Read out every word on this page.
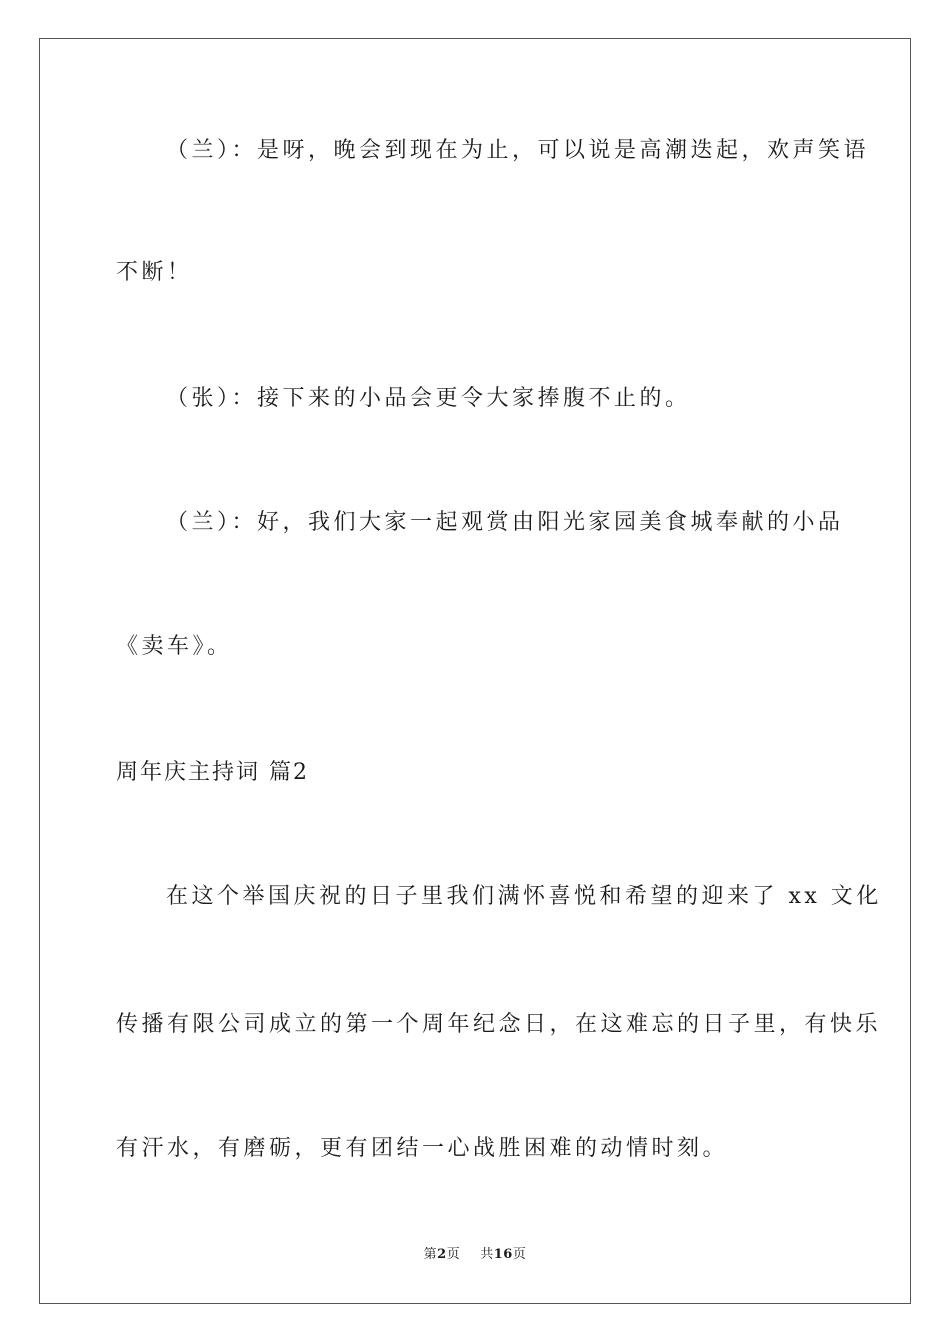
（兰）：是呀，晚会到现在为止，可以说是高潮迭起，欢声笑语
不断！
（张）：接下来的小品会更令大家捧腹不止的。
（兰）：好，我们大家一起观赏由阳光家园美食城奉献的小品
《卖车》。
周年庆主持词 篇2
在这个举国庆祝的日子里我们满怀喜悦和希望的迎来了 xx 文化
传播有限公司成立的第一个周年纪念日，在这难忘的日子里，有快乐
有汗水，有磨砺，更有团结一心战胜困难的动情时刻。
第2页 共16页
